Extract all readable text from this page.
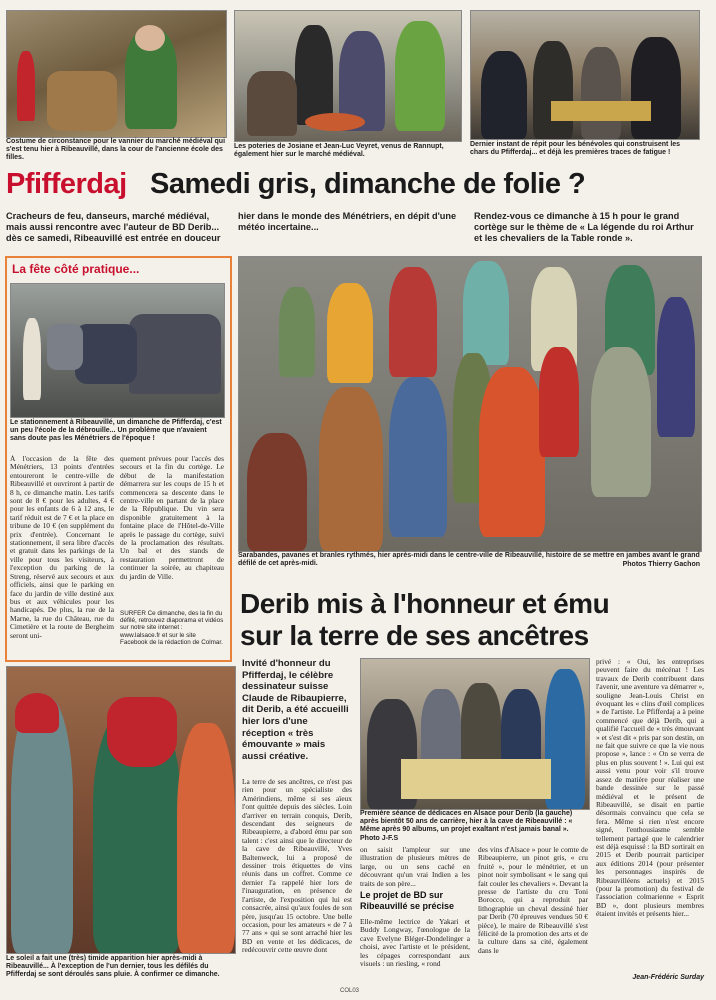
Costume de circonstance pour le vannier du marché médiéval qui s'est tenu hier à Ribeauvillé, dans la cour de l'ancienne école des filles.
Les poteries de Josiane et Jean-Luc Veyret, venus de Rannupt, également hier sur le marché médiéval.
Dernier instant de répit pour les bénévoles qui construisent les chars du Pfifferdaj... et déjà les premières traces de fatigue !
Pfifferdaj Samedi gris, dimanche de folie ?
Cracheurs de feu, danseurs, marché médiéval, mais aussi rencontre avec l'auteur de BD Derib... dès ce samedi, Ribeauvillé est entrée en douceur
hier dans le monde des Ménétriers, en dépit d'une météo incertaine...
Rendez-vous ce dimanche à 15 h pour le grand cortège sur le thème de « La légende du roi Arthur et les chevaliers de la Table ronde ».
La fête côté pratique...
Le stationnement à Ribeauvillé, un dimanche de Pfifferdaj, c'est un peu l'école de la débrouille... Un problème que n'avaient sans doute pas les Ménétriers de l'époque !
À l'occasion de la fête des Ménétriers, 13 points d'entrées entoureront le centre-ville de Ribeauvillé et ouvriront à partir de 8 h, ce dimanche matin. Les tarifs sont de 8 € pour les adultes, 4 € pour les enfants de 6 à 12 ans, le tarif réduit est de 7 € et la place en tribune de 10 € (en supplément du prix d'entrée). Concernant le stationnement, il sera libre d'accès et gratuit dans les parkings de la ville pour tous les visiteurs, à l'exception du parking de la Streng, réservé aux secours et aux officiels, ainsi que le parking en face du jardin de ville destiné aux bus et aux véhicules pour les handicapés. De plus, la rue de la Marne, la rue du Château, rue du Cimetière et la route de Bergheim seront uni-
quement prévues pour l'accès des secours et la fin du cortège. Le début de la manifestation démarrera sur les coups de 15 h et commencera sa descente dans le centre-ville en partant de la place de la République. Du vin sera disponible gratuitement à la fontaine place de l'Hôtel-de-Ville après le passage du cortège, suivi de la proclamation des résultats. Un bal et des stands de restauration permettront de continuer la soirée, au chapiteau du jardin de Ville.
SURFER Ce dimanche, des la fin du défilé, retrouvez diaporama et vidéos sur notre site internet : www.lalsace.fr et sur le site Facebook de la rédaction de Colmar.
Sarabandes, pavanes et branles rythmés, hier après-midi dans le centre-ville de Ribeauvillé, histoire de se mettre en jambes avant le grand défilé de cet après-midi.	Photos Thierry Gachon
Derib mis à l'honneur et ému
sur la terre de ses ancêtres
Le soleil a fait une (très) timide apparition hier après-midi à Ribeauvillé... À l'exception de l'un dernier, tous les défilés du Pfifferdaj se sont déroulés sans pluie. À confirmer ce dimanche.
Invité d'honneur du Pfifferdaj, le célèbre dessinateur suisse Claude de Ribaupierre, dit Derib, a été accueilli hier lors d'une réception « très émouvante » mais aussi créative.
Première séance de dédicaces en Alsace pour Derib (la gauche) après bientôt 50 ans de carrière, hier à la cave de Ribeauvillé : « Même après 90 albums, un projet exaltant n'est jamais banal ». Photo J-F.S
La terre de ses ancêtres, ce n'est pas rien pour un spécialiste des Amérindiens, même si ses aïeux l'ont quittée depuis des siècles. Loin d'arriver en terrain conquis, Derib, descendant des seigneurs de Ribeaupierre, a d'abord ému par son talent : c'est ainsi que le directeur de la cave de Ribeauvillé, Yves Baltenweck, lui a proposé de dessiner trois étiquettes de vins réunis dans un coffret. Comme ce dernier l'a rappelé hier lors de l'inauguration, en présence de l'artiste, de l'exposition qui lui est consacrée, ainsi qu'aux foules de son père, jusqu'au 15 octobre. Une belle occasion, pour les amateurs « de 7 à 77 ans » qui se sont arraché hier les BD en vente et les dédicaces, de redécouvrir cette œuvre dont
on saisit l'ampleur sur une illustration de plusieurs mètres de large, ou un sens caché en découvrant qu'un vrai Indien a les traits de son père...
Le projet de BD sur Ribeauvillé se précise
Elle-même lectrice de Yakari et Buddy Longway, l'œnologue de la cave Evelyne Bléger-Dondelinger a choisi, avec l'artiste et le président, les cépages correspondant aux visuels : un riesling, « rond
des vins d'Alsace » pour le comte de Ribeaupierre, un pinot gris, « cru fruité », pour le ménétrier, et un pinot noir symbolisant « le sang qui fait couler les chevaliers ». Devant la presse de l'artiste du cru Toni Borocco, qui a reproduit par lithographie un cheval dessiné hier par Derib (70 épreuves vendues 50 € pièce), le maire de Ribeauvillé s'est félicité de la promotion des arts et de la culture dans sa cité, également dans le
privé : « Oui, les entreprises peuvent faire du mécénat ! Les travaux de Derib contribuent dans l'avenir, une aventure va démarrer », souligne Jean-Louis Christ en évoquant les « clins d'œil complices » de l'artiste. Le Pfifferdaj a à peine commencé que déjà Derib, qui a qualifié l'accueil de « très émouvant » et s'est dit « pris par son destin, on ne fait que suivre ce que la vie nous propose », lance : « On se verra de plus en plus souvent ! ». Lui qui est aussi venu pour voir s'il trouve assez de matière pour réaliser une bande dessinée sur le passé médiéval et le présent de Ribeauvillé, se disait en partie désormais convaincu que cela se fera. Même si rien n'est encore signé, l'enthousiasme semble tellement partagé que le calendrier est déjà esquissé : la BD sortirait en 2015 et Derib pourrait participer aux éditions 2014 (pour présenter les personnages inspirés de Ribeauvilléens actuels) et 2015 (pour la promotion) du festival de l'association colmarienne « Esprit BD », dont plusieurs membres étaient invités et présents hier...
Jean-Frédéric Surday
COL03
